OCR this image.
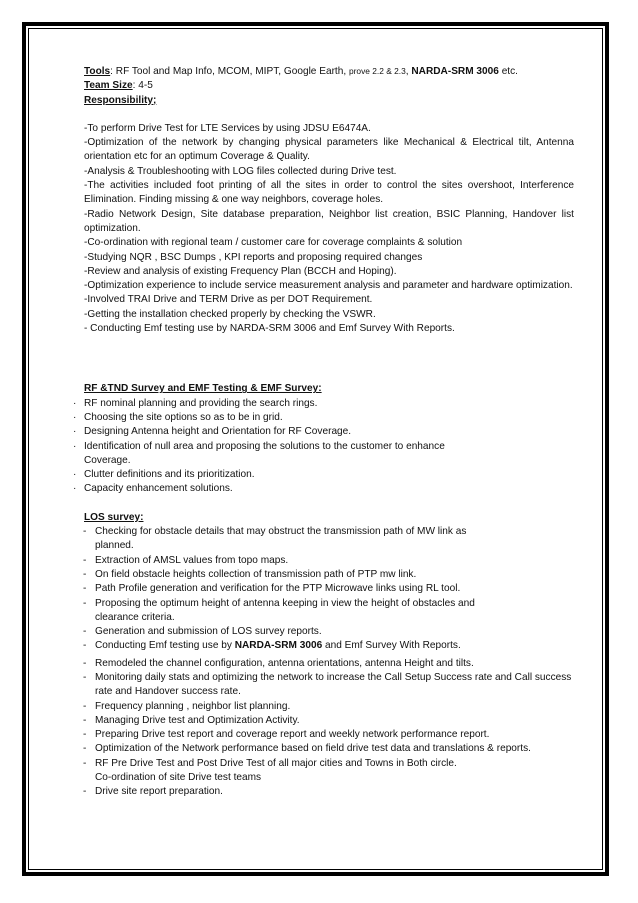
Tools: RF Tool and Map Info, MCOM, MIPT, Google Earth, prove 2.2 & 2.3, NARDA-SRM 3006 etc.

Team Size: 4-5

Responsibility;

-To perform Drive Test for LTE Services by using JDSU E6474A.

-Optimization of the network by changing physical parameters like Mechanical & Electrical tilt, Antenna orientation etc for an optimum Coverage & Quality.

-Analysis & Troubleshooting with LOG files collected during Drive test.

-The activities included foot printing of all the sites in order to control the sites overshoot, Interference Elimination. Finding missing & one way neighbors, coverage holes.

-Radio Network Design, Site database preparation, Neighbor list creation, BSIC Planning, Handover list optimization.

-Co-ordination with regional team / customer care for coverage complaints & solution

-Studying NQR , BSC Dumps , KPI reports and proposing required changes

-Review and analysis of existing Frequency Plan (BCCH and Hoping).

-Optimization experience to include service measurement analysis and parameter and hardware optimization.

-Involved TRAI Drive and TERM Drive as per DOT Requirement.

-Getting the installation checked properly by checking the VSWR.

- Conducting Emf testing use by NARDA-SRM 3006 and Emf Survey With Reports.

RF &TND Survey and EMF Testing & EMF Survey:

· RF nominal planning and providing the search rings.
· Choosing the site options so as to be in grid.
· Designing Antenna height and Orientation for RF Coverage.
· Identification of null area and proposing the solutions to the customer to enhance Coverage.
· Clutter definitions and its prioritization.
· Capacity enhancement solutions.

LOS survey:

- Checking for obstacle details that may obstruct the transmission path of MW link as planned.
- Extraction of AMSL values from topo maps.
- On field obstacle heights collection of transmission path of PTP mw link.
- Path Profile generation and verification for the PTP Microwave links using RL tool.
- Proposing the optimum height of antenna keeping in view the height of obstacles and clearance criteria.
- Generation and submission of LOS survey reports.
- Conducting Emf testing use by NARDA-SRM 3006 and Emf Survey With Reports.
- Remodeled the channel configuration, antenna orientations, antenna Height and tilts.
- Monitoring daily stats and optimizing the network to increase the Call Setup Success rate and Call success rate and Handover success rate.
- Frequency planning , neighbor list planning.
- Managing Drive test and Optimization Activity.
- Preparing Drive test report and coverage report and weekly network performance report.
- Optimization of the Network performance based on field drive test data and translations & reports.
- RF Pre Drive Test and Post Drive Test of all major cities and Towns in Both circle.
Co-ordination of site Drive test teams
- Drive site report preparation.
